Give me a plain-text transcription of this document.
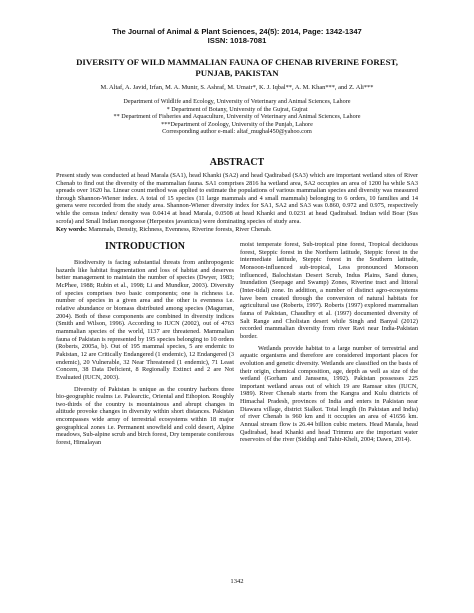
The Journal of Animal & Plant Sciences, 24(5): 2014, Page: 1342-1347
ISSN: 1018-7081
DIVERSITY OF WILD MAMMALIAN FAUNA OF CHENAB RIVERINE FOREST,
PUNJAB, PAKISTAN
M. Altaf, A. Javid, Irfan, M. A. Munir, S. Ashraf, M. Umair*, K. J. Iqbal**, A. M. Khan***, and Z. Ali***
Department of Wildlife and Ecology, University of Veterinary and Animal Sciences, Lahore
* Department of Botany, University of the Gujrat, Gujrat
** Department of Fisheries and Aquaculture, University of Veterinary and Animal Sciences, Lahore
***Department of Zoology, University of the Punjab, Lahore
Corresponding author e-mail: altaf_mughal450@yahoo.com
ABSTRACT
Present study was conducted at head Marala (SA1), head Khanki (SA2) and head Qadirabad (SA3) which are important wetland sites of River Chenab to find out the diversity of the mammalian fauna. SA1 comprises 2816 ha wetland area, SA2 occupies an area of 1200 ha while SA3 spreads over 1620 ha. Linear count method was applied to estimate the populations of various mammalian species and diversity was measured through Shannon-Wiener index. A total of 15 species (11 large mammals and 4 small mammals) belonging to 6 orders, 10 families and 14 genera were recorded from the study area. Shannon-Wiener diversity index for SA1, SA2 and SA3 was 0.860, 0.972 and 0.975, respectively while the census index/ density was 0.0414 at head Marala, 0.0508 at head Khanki and 0.0231 at head Qadirabad. Indian wild Boar (Sus scrofa) and Small Indian mongoose (Herpestes javanicus) were dominating species of study area.
Key words: Mammals, Density, Richness, Evenness, Riverine forests, River Chenab.
INTRODUCTION

Biodiversity is facing substantial threats from anthropogenic hazards like habitat fragmentation and loss of habitat and deserves better management to maintain the number of species (Dwyer, 1983; McPhee, 1988; Rubin et al., 1998; Li and Mundkur, 2003). Diversity of species comprises two basic components; one is richness i.e. number of species in a given area and the other is evenness i.e. relative abundance or biomass distributed among species (Magurran, 2004). Both of these components are combined in diversity indices (Smith and Wilson, 1996). According to IUCN (2002), out of 4763 mammalian species of the world, 1137 are threatened. Mammalian fauna of Pakistan is represented by 195 species belonging to 10 orders (Roberts, 2005a, b). Out of 195 mammal species, 5 are endemic to Pakistan, 12 are Critically Endangered (1 endemic), 12 Endangered (3 endemic), 20 Vulnerable, 32 Near Threatened (1 endemic), 71 Least Concern, 38 Data Deficient, 8 Regionally Extinct and 2 are Not Evaluated (IUCN, 2003).

Diversity of Pakistan is unique as the country harbors three bio-geographic realms i.e. Palearctic, Oriental and Ethopion. Roughly two-thirds of the country is mountainous and abrupt changes in altitude provoke changes in diversity within short distances. Pakistan encompasses wide array of terrestrial ecosystems within 18 major geographical zones i.e. Permanent snowfield and cold desert, Alpine meadows, Sub-alpine scrub and birch forest, Dry temperate coniferous forest, Himalayan

moist temperate forest, Sub-tropical pine forest, Tropical deciduous forest, Steppic forest in the Northern latitude, Steppic forest in the intermediate latitude, Steppic forest in the Southern latitude, Monsoon-influenced sub-tropical, Less pronounced Monsoon influenced, Balochistan Desert Scrub, Indus Plains, Sand dunes, Inundation (Seepage and Swamp) Zones, Riverine tract and littoral (Inter-tidal) zone. In addition, a number of distinct agro-ecosystems have been created through the conversion of natural habitats for agricultural use (Roberts, 1997). Roberts (1997) explored mammalian fauna of Pakistan, Chaudhry et al. (1997) documented diversity of Salt Range and Cholistan desert while Singh and Banyal (2012) recorded mammalian diversity from river Ravi near India-Pakistan border.

Wetlands provide habitat to a large number of terrestrial and aquatic organisms and therefore are considered important places for evolution and genetic diversity. Wetlands are classified on the basis of their origin, chemical composition, age, depth as well as size of the wetland (Gorham and Janssens, 1992). Pakistan possesses 225 important wetland areas out of which 19 are Ramsar sites (IUCN, 1989). River Chenab starts from the Kangra and Kulu districts of Himachal Pradesh, provinces of India and enters in Pakistan near Diawara village, district Sialkot. Total length (In Pakistan and India) of river Chenab is 960 km and it occupies an area of 41656 km. Annual stream flow is 26.44 billion cubic meters. Head Marala, head Qadirabad, head Khanki and head Trimmu are the important water reservoirs of the river (Siddiqi and Tahir-Kheli, 2004; Dawn, 2014).

1342
